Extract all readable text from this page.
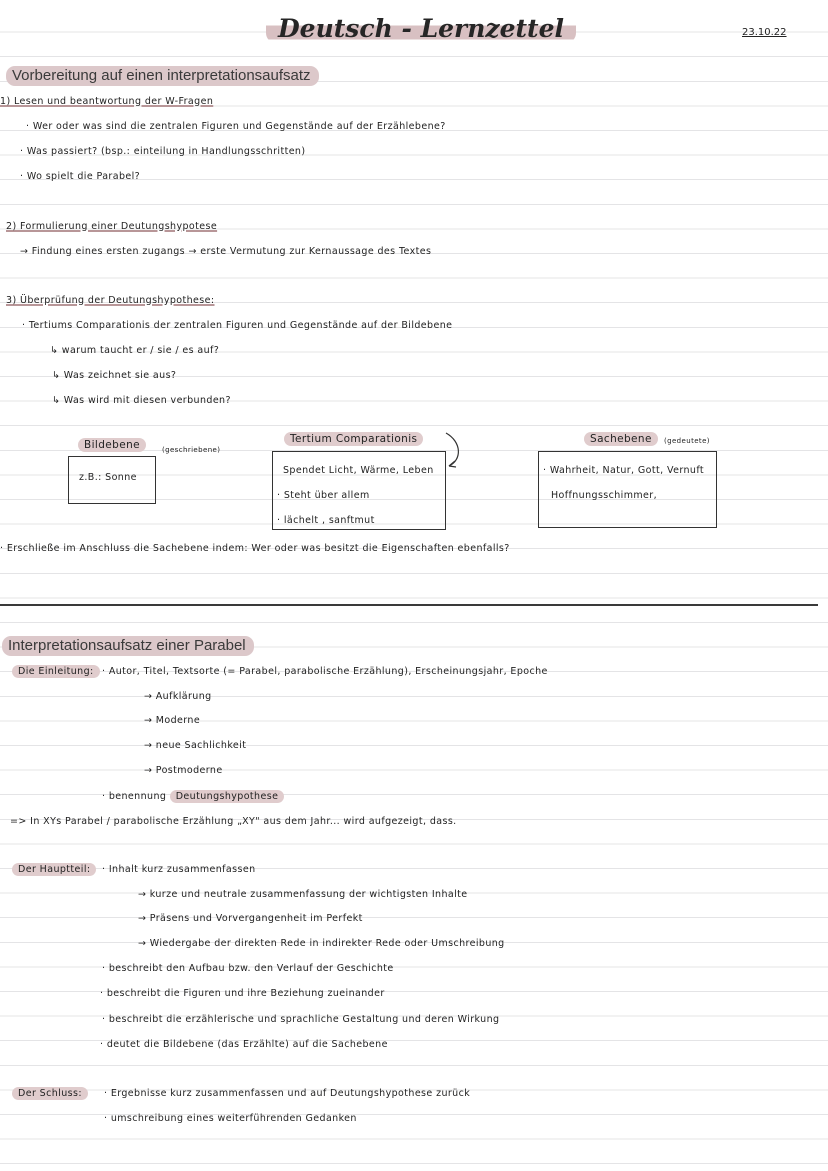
Deutsch - Lernzettel	23.10.22
Vorbereitung auf einen interpretationsaufsatz
1) Lesen und beantwortung der W-Fragen
· Wer oder was sind die zentralen Figuren und Gegenstände auf der Erzählebene?
· Was passiert? (bsp.: einteilung in Handlungsschritten)
· Wo spielt die Parabel?
2) Formulierung einer Deutungshypotese
→ Findung eines ersten zugangs → erste Vermutung zur Kernaussage des Textes
3) Überprüfung der Deutungshypothese:
· Tertiums Comparationis der zentralen Figuren und Gegenstände auf der Bildebene
↳ warum taucht er / sie / es auf?
↳ Was zeichnet sie aus?
↳ Was wird mit diesen verbunden?
Bildebene	(geschriebene)
z.B.: Sonne
Tertium Comparationis
Spendet Licht, Wärme, Leben
· Steht über allem
· lächelt , sanftmut
Sachebene	(gedeutete)
· Wahrheit, Natur, Gott, Vernuft
Hoffnungsschimmer,
· Erschließe im Anschluss die Sachebene indem: Wer oder was besitzt die Eigenschaften ebenfalls?
Interpretationsaufsatz einer Parabel
Die Einleitung: · Autor, Titel, Textsorte (= Parabel, parabolische Erzählung), Erscheinungsjahr, Epoche
→ Aufklärung
→ Moderne
→ neue Sachlichkeit
→ Postmoderne
· benennung Deutungshypothese
=> In XYs Parabel / parabolische Erzählung „XY" aus dem Jahr... wird aufgezeigt, dass.
Der Hauptteil:	· Inhalt kurz zusammenfassen
→ kurze und neutrale zusammenfassung der wichtigsten Inhalte
→ Präsens und Vorvergangenheit im Perfekt
→ Wiedergabe der direkten Rede in indirekter Rede oder Umschreibung
· beschreibt den Aufbau bzw. den Verlauf der Geschichte
· beschreibt die Figuren und ihre Beziehung zueinander
· beschreibt die erzählerische und sprachliche Gestaltung und deren Wirkung
· deutet die Bildebene (das Erzählte) auf die Sachebene
Der Schluss:	· Ergebnisse kurz zusammenfassen und auf Deutungshypothese zurück
· umschreibung eines weiterführenden Gedanken
